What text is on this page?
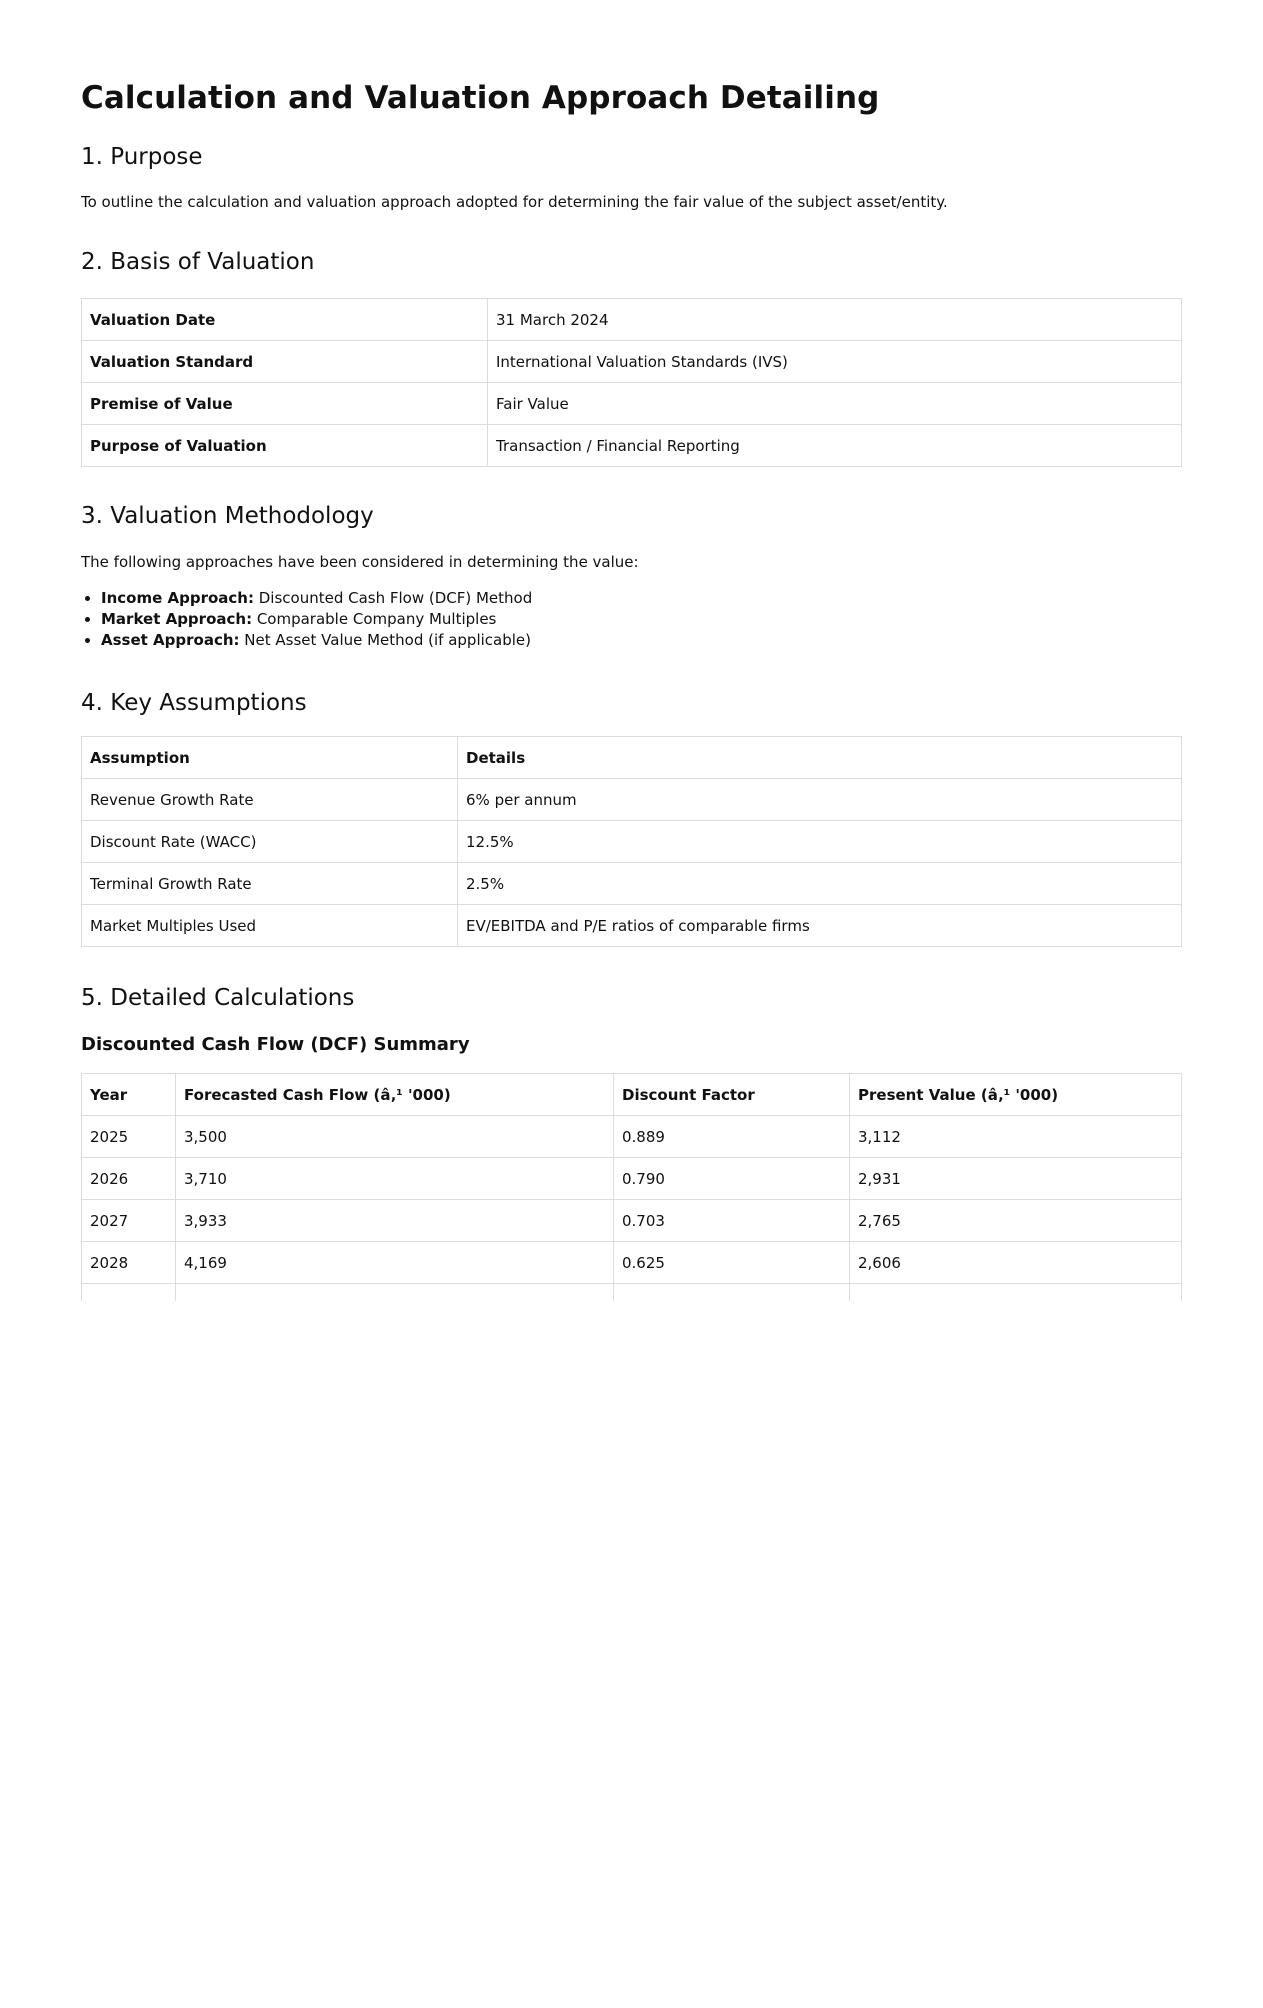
Calculation and Valuation Approach Detailing
1. Purpose

To outline the calculation and valuation approach adopted for determining the fair value of the subject asset/entity.

2. Basis of Valuation
Valuation Date	31 March 2024
Valuation Standard	International Valuation Standards (IVS)
Premise of Value	Fair Value
Purpose of Valuation	Transaction / Financial Reporting
3. Valuation Methodology

The following approaches have been considered in determining the value:

• Income Approach: Discounted Cash Flow (DCF) Method
• Market Approach: Comparable Company Multiples
• Asset Approach: Net Asset Value Method (if applicable)
4. Key Assumptions
Assumption	Details
Revenue Growth Rate	6% per annum
Discount Rate (WACC)	12.5%
Terminal Growth Rate	2.5%
Market Multiples Used	EV/EBITDA and P/E ratios of comparable firms
5. Detailed Calculations
Discounted Cash Flow (DCF) Summary
Year	Forecasted Cash Flow (â‚¹ '000)	Discount Factor	Present Value (â‚¹ '000)
2025	3,500	0.889	3,112
2026	3,710	0.790	2,931
2027	3,933	0.703	2,765
2028	4,169	0.625	2,606
